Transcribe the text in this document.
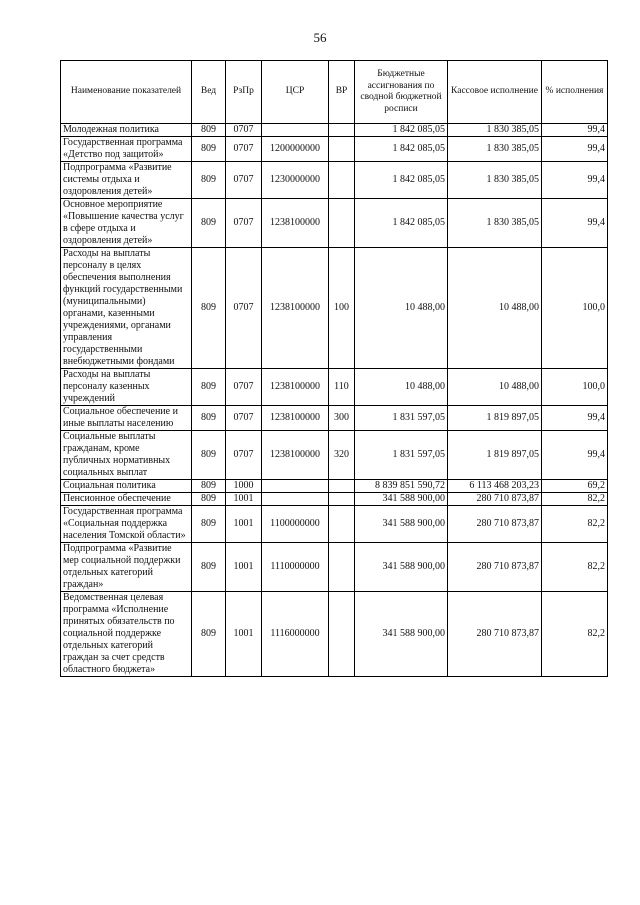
56
Наименование показателей	Вед	РзПр	ЦСР	ВР	Бюджетные ассигнования по сводной бюджетной росписи	Кассовое исполнение	% исполнения
Молодежная политика	809	0707			1 842 085,05	1 830 385,05	99,4
Государственная программа «Детство под защитой»	809	0707	1200000000		1 842 085,05	1 830 385,05	99,4
Подпрограмма «Развитие системы отдыха и оздоровления детей»	809	0707	1230000000		1 842 085,05	1 830 385,05	99,4
Основное мероприятие «Повышение качества услуг в сфере отдыха и оздоровления детей»	809	0707	1238100000		1 842 085,05	1 830 385,05	99,4
Расходы на выплаты персоналу в целях обеспечения выполнения функций государственными (муниципальными) органами, казенными учреждениями, органами управления государственными внебюджетными фондами	809	0707	1238100000	100	10 488,00	10 488,00	100,0
Расходы на выплаты персоналу казенных учреждений	809	0707	1238100000	110	10 488,00	10 488,00	100,0
Социальное обеспечение и иные выплаты населению	809	0707	1238100000	300	1 831 597,05	1 819 897,05	99,4
Социальные выплаты гражданам, кроме публичных нормативных социальных выплат	809	0707	1238100000	320	1 831 597,05	1 819 897,05	99,4
Социальная политика	809	1000			8 839 851 590,72	6 113 468 203,23	69,2
Пенсионное обеспечение	809	1001			341 588 900,00	280 710 873,87	82,2
Государственная программа «Социальная поддержка населения Томской области»	809	1001	1100000000		341 588 900,00	280 710 873,87	82,2
Подпрограмма «Развитие мер социальной поддержки отдельных категорий граждан»	809	1001	1110000000		341 588 900,00	280 710 873,87	82,2
Ведомственная целевая программа «Исполнение принятых обязательств по социальной поддержке отдельных категорий граждан за счет средств областного бюджета»	809	1001	1116000000		341 588 900,00	280 710 873,87	82,2
